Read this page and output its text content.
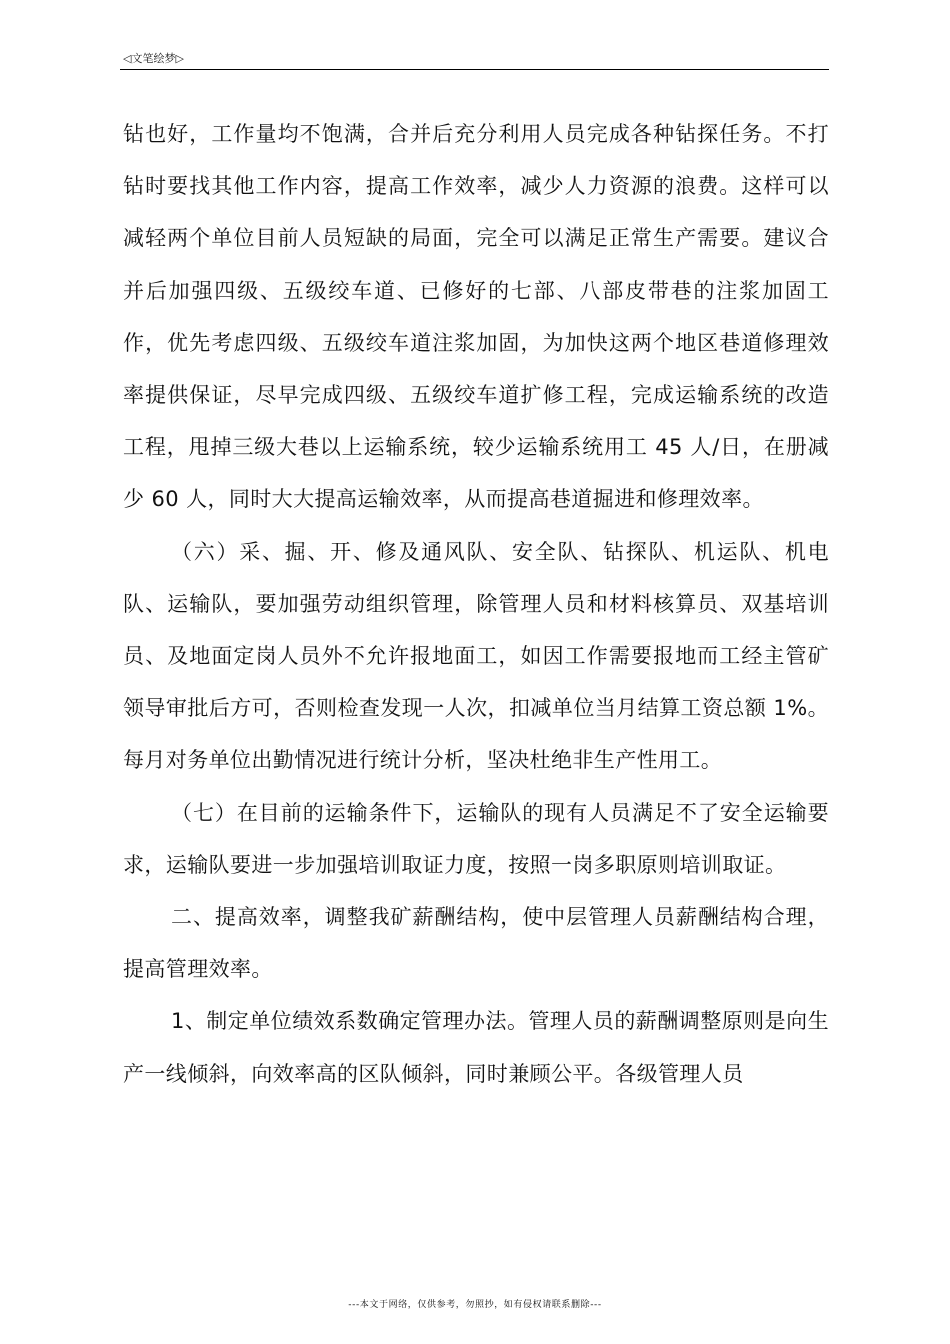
◁文笔绘梦▷

钻也好，工作量均不饱满，合并后充分利用人员完成各种钻探任务。不打钻时要找其他工作内容，提高工作效率，减少人力资源的浪费。这样可以减轻两个单位目前人员短缺的局面，完全可以满足正常生产需要。建议合并后加强四级、五级绞车道、已修好的七部、八部皮带巷的注浆加固工作，优先考虑四级、五级绞车道注浆加固，为加快这两个地区巷道修理效率提供保证，尽早完成四级、五级绞车道扩修工程，完成运输系统的改造工程，甩掉三级大巷以上运输系统，较少运输系统用工 45 人/日，在册减少 60 人，同时大大提高运输效率，从而提高巷道掘进和修理效率。

（六）采、掘、开、修及通风队、安全队、钻探队、机运队、机电队、运输队，要加强劳动组织管理，除管理人员和材料核算员、双基培训员、及地面定岗人员外不允许报地面工，如因工作需要报地而工经主管矿领导审批后方可，否则检查发现一人次，扣减单位当月结算工资总额 1%。每月对务单位出勤情况进行统计分析，坚决杜绝非生产性用工。

（七）在目前的运输条件下，运输队的现有人员满足不了安全运输要求，运输队要进一步加强培训取证力度，按照一岗多职原则培训取证。

二、提高效率，调整我矿薪酬结构，使中层管理人员薪酬结构合理，提高管理效率。

1、制定单位绩效系数确定管理办法。管理人员的薪酬调整原则是向生产一线倾斜，向效率高的区队倾斜，同时兼顾公平。各级管理人员

---本文于网络，仅供参考，勿照抄，如有侵权请联系删除---
